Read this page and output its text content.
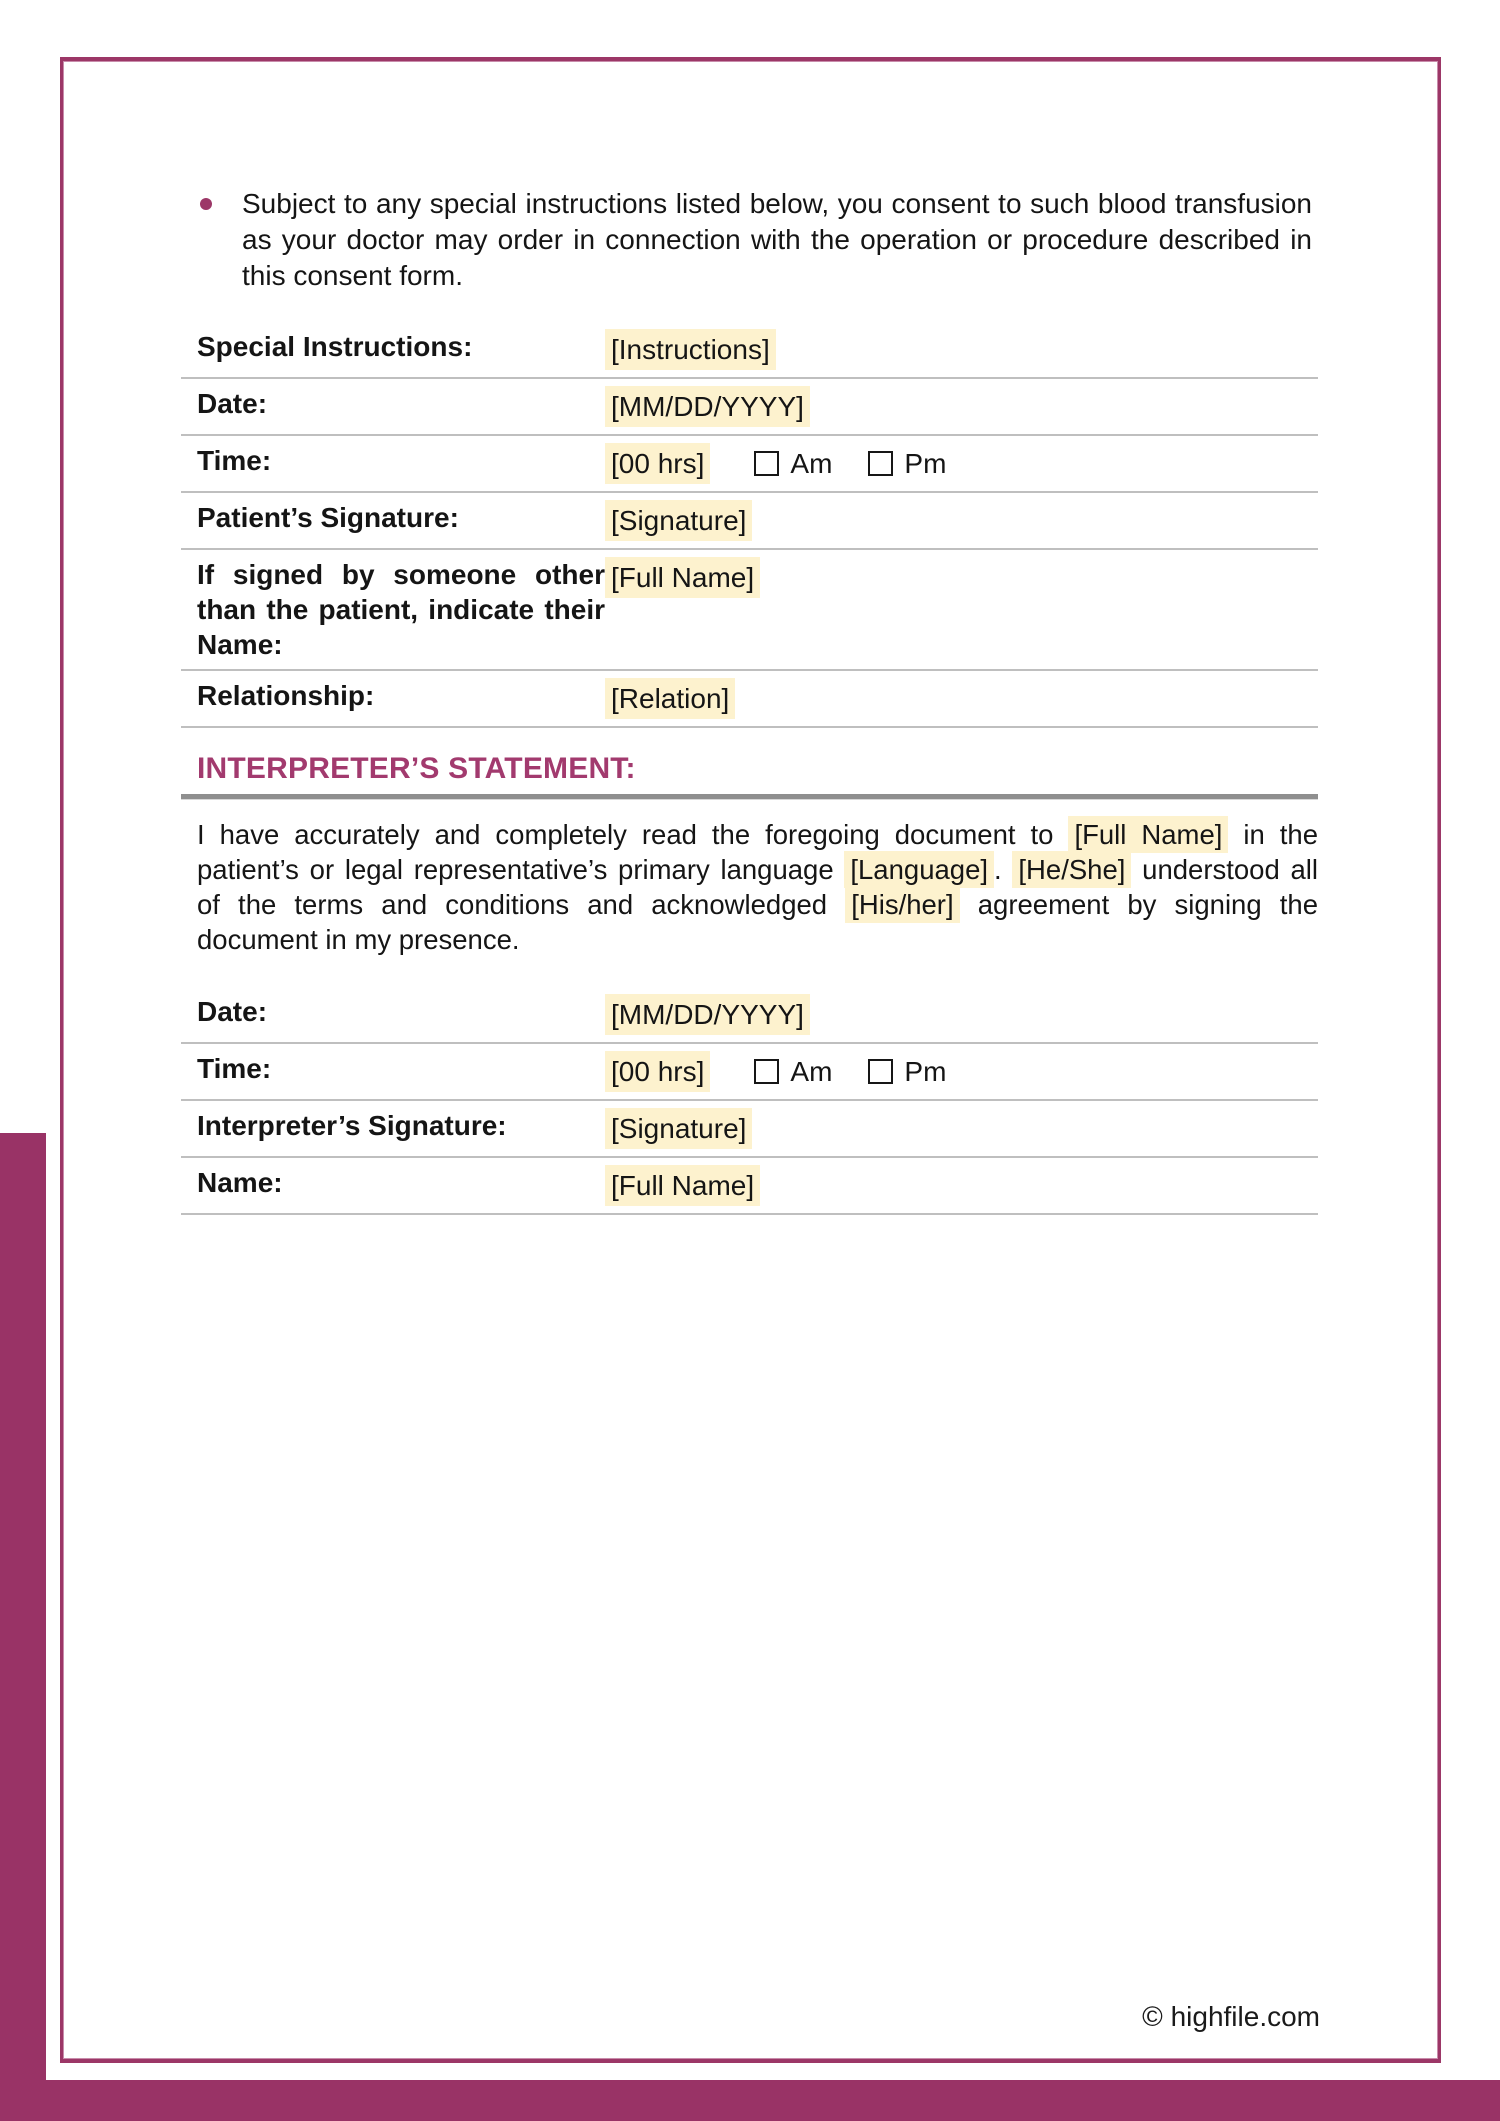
Subject to any special instructions listed below, you consent to such blood transfusion as your doctor may order in connection with the operation or procedure described in this consent form.

Special Instructions:	[Instructions]
Date:	[MM/DD/YYYY]
Time:	[00 hrs]	Am	Pm
Patient’s Signature:	[Signature]
If signed by someone other than the patient, indicate their Name:
[Full Name]
Relationship:	[Relation]
INTERPRETER’S STATEMENT:

I have accurately and completely read the foregoing document to [Full Name] in the patient’s or legal representative’s primary language [Language] . [He/She] understood all of the terms and conditions and acknowledged [His/her] agreement by signing the document in my presence.

Date:	[MM/DD/YYYY]
Time:	[00 hrs]	Am	Pm
Interpreter’s Signature:	[Signature]
Name:	[Full Name]
© highfile.com
